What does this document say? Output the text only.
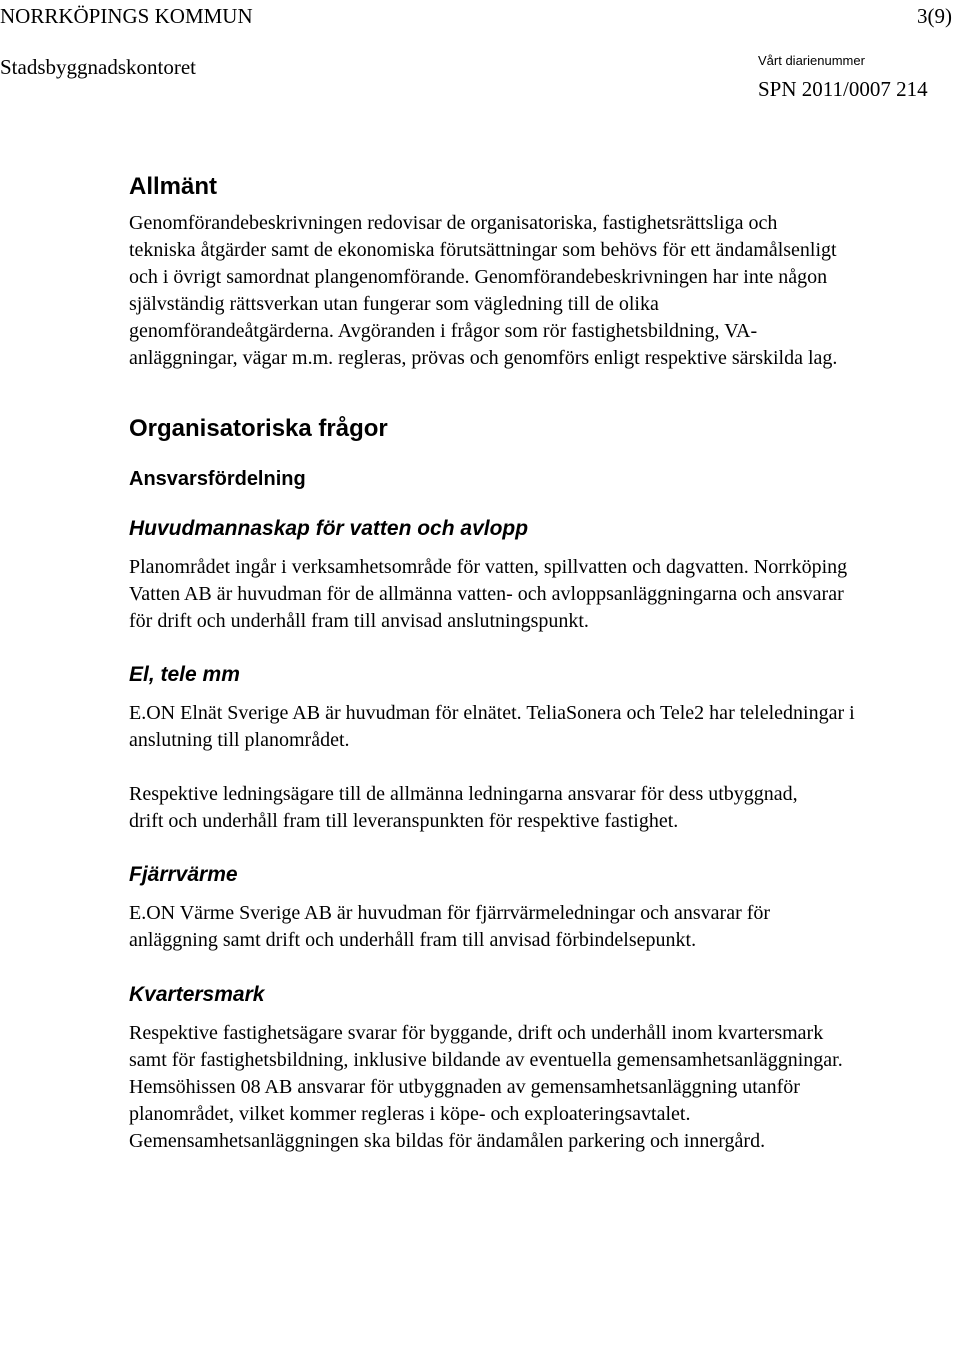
NORRKÖPINGS KOMMUN	3(9)
Stadsbyggnadskontoret	Vårt diarienummer
SPN 2011/0007 214
Allmänt

Genomförandebeskrivningen redovisar de organisatoriska, fastighetsrättsliga och tekniska åtgärder samt de ekonomiska förutsättningar som behövs för ett ändamålsenligt och i övrigt samordnat plangenomförande. Genomförandebeskrivningen har inte någon självständig rättsverkan utan fungerar som vägledning till de olika genomförandeåtgärderna. Avgöranden i frågor som rör fastighetsbildning, VA-anläggningar, vägar m.m. regleras, prövas och genomförs enligt respektive särskilda lag.

Organisatoriska frågor
Ansvarsfördelning
Huvudmannaskap för vatten och avlopp

Planområdet ingår i verksamhetsområde för vatten, spillvatten och dagvatten. Norrköping Vatten AB är huvudman för de allmänna vatten- och avloppsanläggningarna och ansvarar för drift och underhåll fram till anvisad anslutningspunkt.

El, tele mm

E.ON Elnät Sverige AB är huvudman för elnätet. TeliaSonera och Tele2 har teleledningar i anslutning till planområdet.

Respektive ledningsägare till de allmänna ledningarna ansvarar för dess utbyggnad, drift och underhåll fram till leveranspunkten för respektive fastighet.

Fjärrvärme

E.ON Värme Sverige AB är huvudman för fjärrvärmeledningar och ansvarar för anläggning samt drift och underhåll fram till anvisad förbindelsepunkt.

Kvartersmark

Respektive fastighetsägare svarar för byggande, drift och underhåll inom kvartersmark samt för fastighetsbildning, inklusive bildande av eventuella gemensamhetsanläggningar. Hemsöhissen 08 AB ansvarar för utbyggnaden av gemensamhetsanläggning utanför planområdet, vilket kommer regleras i köpe- och exploateringsavtalet. Gemensamhetsanläggningen ska bildas för ändamålen parkering och innergård.
